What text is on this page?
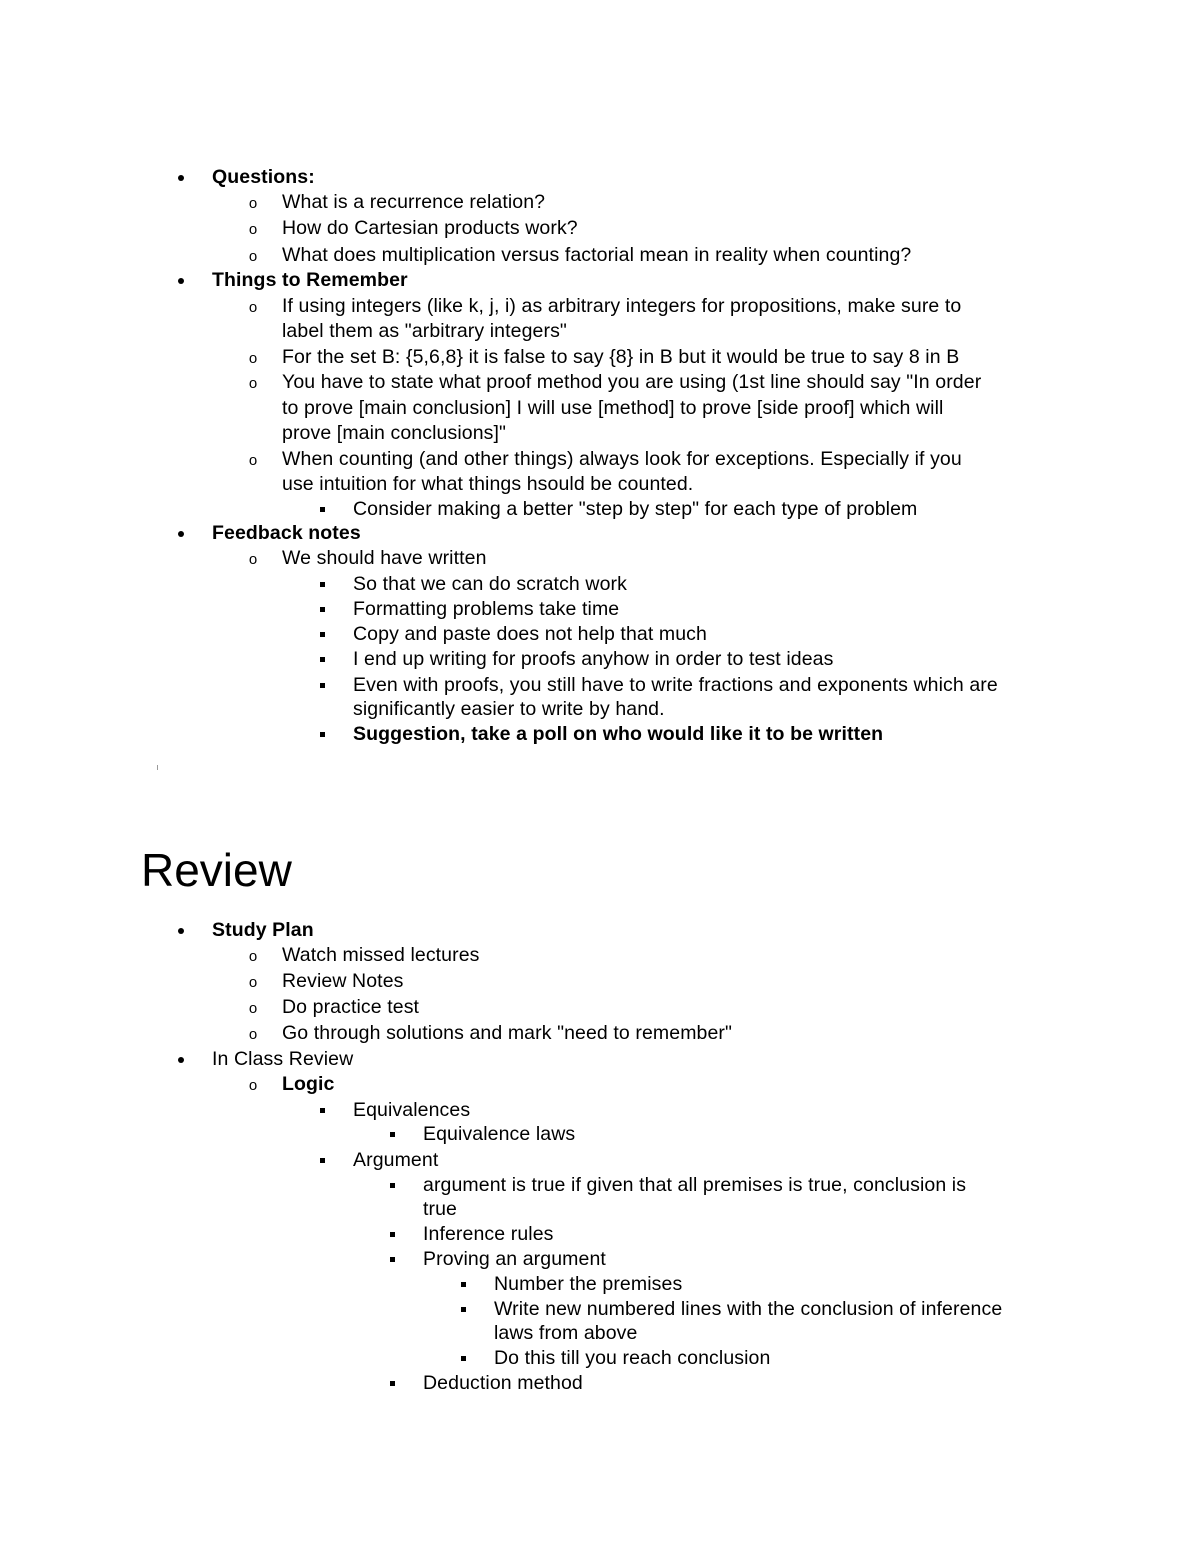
Questions:
o What is a recurrence relation?
o How do Cartesian products work?
o What does multiplication versus factorial mean in reality when counting?
Things to Remember
o If using integers (like k, j, i) as arbitrary integers for propositions, make sure to
label them as "arbitrary integers"
o For the set B: {5,6,8} it is false to say {8} in B but it would be true to say 8 in B
o You have to state what proof method you are using (1st line should say "In order
to prove [main conclusion] I will use [method] to prove [side proof] which will
prove [main conclusions]"
o When counting (and other things) always look for exceptions. Especially if you
use intuition for what things hsould be counted.
Consider making a better "step by step" for each type of problem
Feedback notes
o We should have written
So that we can do scratch work
Formatting problems take time
Copy and paste does not help that much
I end up writing for proofs anyhow in order to test ideas
Even with proofs, you still have to write fractions and exponents which are
significantly easier to write by hand.
Suggestion, take a poll on who would like it to be written
Review
Study Plan
o Watch missed lectures
o Review Notes
o Do practice test
o Go through solutions and mark "need to remember"
In Class Review
o Logic
Equivalences
Equivalence laws
Argument
argument is true if given that all premises is true, conclusion is
true
Inference rules
Proving an argument
Number the premises
Write new numbered lines with the conclusion of inference
laws from above
Do this till you reach conclusion
Deduction method
